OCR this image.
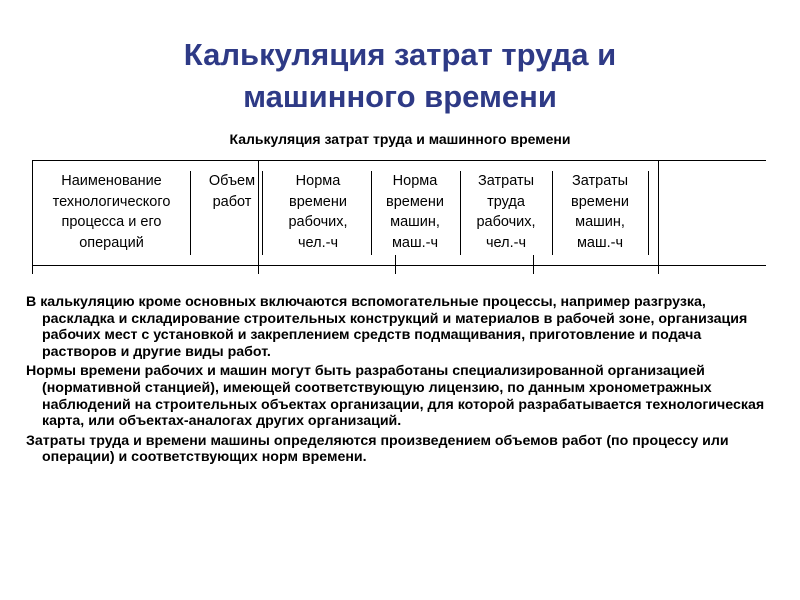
Калькуляция затрат труда и
машинного времени
Калькуляция затрат труда и машинного времени
Наименование
технологического
процесса и его
операций
Объем
работ
Норма
времени
рабочих,
чел.-ч
Норма
времени
машин,
маш.-ч
Затраты
труда
рабочих,
чел.-ч
Затраты
времени
машин,
маш.-ч

В калькуляцию кроме основных включаются вспомогательные процессы, например разгрузка, раскладка и складирование строительных конструкций и материалов в рабочей зоне, организация рабочих мест с установкой и закреплением средств подмащивания, приготовление и подача растворов и другие виды работ.

Нормы времени рабочих и машин могут быть разработаны специализированной организацией (нормативной станцией), имеющей соответствующую лицензию, по данным хронометражных наблюдений на строительных объектах организации, для которой разрабатывается технологическая карта, или объектах-аналогах других организаций.

Затраты труда и времени машины определяются произведением объемов работ (по процессу или операции) и соответствующих норм времени.
